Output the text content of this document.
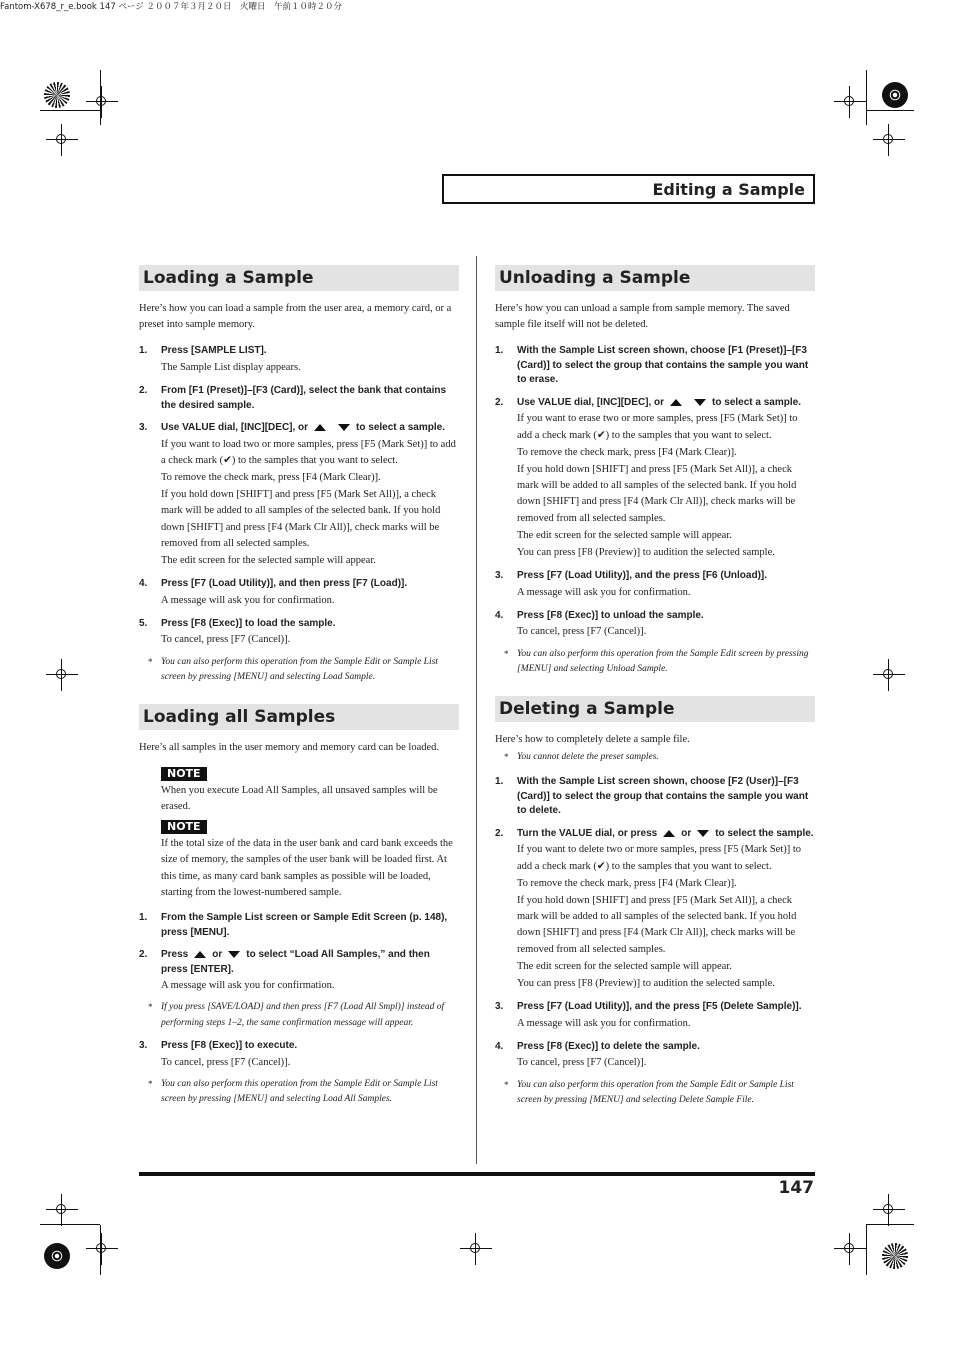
Fantom-X678_r_e.book 147 ページ ２００７年３月２０日　火曜日　午前１０時２０分
Editing a Sample
Loading a Sample

Here’s how you can load a sample from the user area, a memory card, or a preset into sample memory.

1.	Press [SAMPLE LIST].

The Sample List display appears.

2.	From [F1 (Preset)]–[F3 (Card)], select the bank that contains the desired sample.
3.	Use VALUE dial, [INC][DEC], or	to select a sample.

If you want to load two or more samples, press [F5 (Mark Set)] to add a check mark (✔) to the samples that you want to select.

To remove the check mark, press [F4 (Mark Clear)].

If you hold down [SHIFT] and press [F5 (Mark Set All)], a check mark will be added to all samples of the selected bank. If you hold down [SHIFT] and press [F4 (Mark Clr All)], check marks will be removed from all selected samples.

The edit screen for the selected sample will appear.

4.	Press [F7 (Load Utility)], and then press [F7 (Load)].

A message will ask you for confirmation.

5.	Press [F8 (Exec)] to load the sample.

To cancel, press [F7 (Cancel)].

* You can also perform this operation from the Sample Edit or Sample List screen by pressing [MENU] and selecting Load Sample.
Loading all Samples

Here’s all samples in the user memory and memory card can be loaded.

NOTE

When you execute Load All Samples, all unsaved samples will be erased.

NOTE

If the total size of the data in the user bank and card bank exceeds the size of memory, the samples of the user bank will be loaded first. At this time, as many card bank samples as possible will be loaded, starting from the lowest-numbered sample.

1.	From the Sample List screen or Sample Edit Screen (p. 148), press [MENU].
2.	Press or to select “Load All Samples,” and then press [ENTER].

A message will ask you for confirmation.

* If you press [SAVE/LOAD] and then press [F7 (Load All Smpl)] instead of performing steps 1–2, the same confirmation message will appear.
3.	Press [F8 (Exec)] to execute.

To cancel, press [F7 (Cancel)].

* You can also perform this operation from the Sample Edit or Sample List screen by pressing [MENU] and selecting Load All Samples.
Unloading a Sample

Here’s how you can unload a sample from sample memory. The saved sample file itself will not be deleted.

1.	With the Sample List screen shown, choose [F1 (Preset)]–[F3 (Card)] to select the group that contains the sample you want to erase.
2.	Use VALUE dial, [INC][DEC], or	to select a sample.

If you want to erase two or more samples, press [F5 (Mark Set)] to add a check mark (✔) to the samples that you want to select.

To remove the check mark, press [F4 (Mark Clear)].

If you hold down [SHIFT] and press [F5 (Mark Set All)], a check mark will be added to all samples of the selected bank. If you hold down [SHIFT] and press [F4 (Mark Clr All)], check marks will be removed from all selected samples.

The edit screen for the selected sample will appear.

You can press [F8 (Preview)] to audition the selected sample.

3.	Press [F7 (Load Utility)], and the press [F6 (Unload)].

A message will ask you for confirmation.

4.	Press [F8 (Exec)] to unload the sample.

To cancel, press [F7 (Cancel)].

* You can also perform this operation from the Sample Edit screen by pressing [MENU] and selecting Unload Sample.
Deleting a Sample

Here’s how to completely delete a sample file.

* You cannot delete the preset samples.
1.	With the Sample List screen shown, choose [F2 (User)]–[F3 (Card)] to select the group that contains the sample you want to delete.
2.	Turn the VALUE dial, or press or to select the sample.

If you want to delete two or more samples, press [F5 (Mark Set)] to add a check mark (✔) to the samples that you want to select.

To remove the check mark, press [F4 (Mark Clear)].

If you hold down [SHIFT] and press [F5 (Mark Set All)], a check mark will be added to all samples of the selected bank. If you hold down [SHIFT] and press [F4 (Mark Clr All)], check marks will be removed from all selected samples.

The edit screen for the selected sample will appear.

You can press [F8 (Preview)] to audition the selected sample.

3.	Press [F7 (Load Utility)], and the press [F5 (Delete Sample)].

A message will ask you for confirmation.

4.	Press [F8 (Exec)] to delete the sample.

To cancel, press [F7 (Cancel)].

* You can also perform this operation from the Sample Edit or Sample List screen by pressing [MENU] and selecting Delete Sample File.
147
